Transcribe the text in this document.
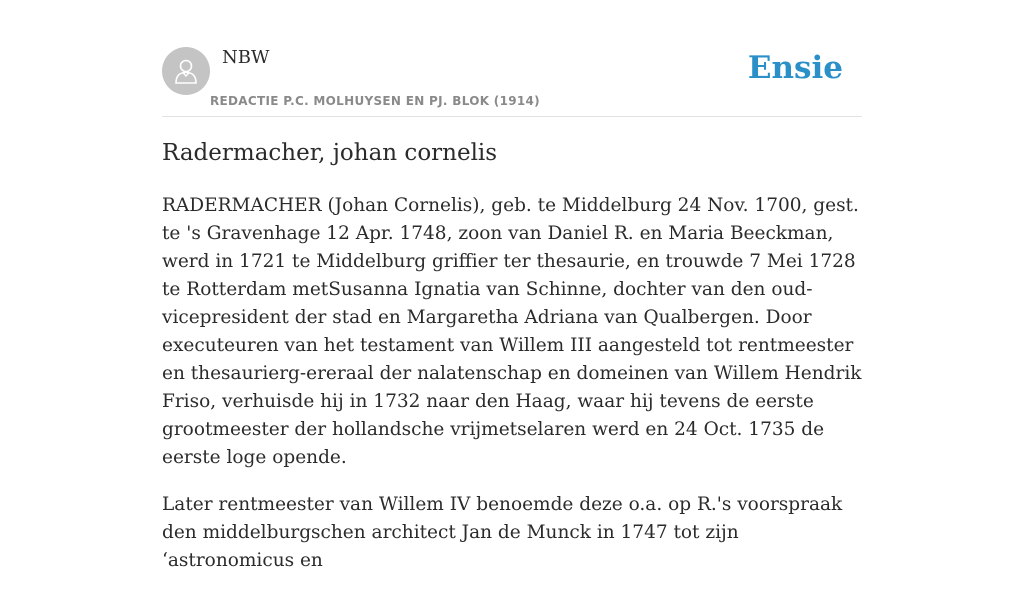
NBW
REDACTIE P.C. MOLHUYSEN EN PJ. BLOK (1914)
Ensie
Radermacher, johan cornelis

RADERMACHER (Johan Cornelis), geb. te Middelburg 24 Nov. 1700, gest. te 's Gravenhage 12 Apr. 1748, zoon van Daniel R. en Maria Beeckman, werd in 1721 te Middelburg griffier ter thesaurie, en trouwde 7 Mei 1728 te Rotterdam metSusanna Ignatia van Schinne, dochter van den oud-vicepresident der stad en Margaretha Adriana van Qualbergen. Door executeuren van het testament van Willem III aangesteld tot rentmeester en thesaurierg-ereraal der nalatenschap en domeinen van Willem Hendrik Friso, verhuisde hij in 1732 naar den Haag, waar hij tevens de eerste grootmeester der hollandsche vrijmetselaren werd en 24 Oct. 1735 de eerste loge opende.

Later rentmeester van Willem IV benoemde deze o.a. op R.'s voorspraak den middelburgschen architect Jan de Munck in 1747 tot zijn ‘astronomicus en
